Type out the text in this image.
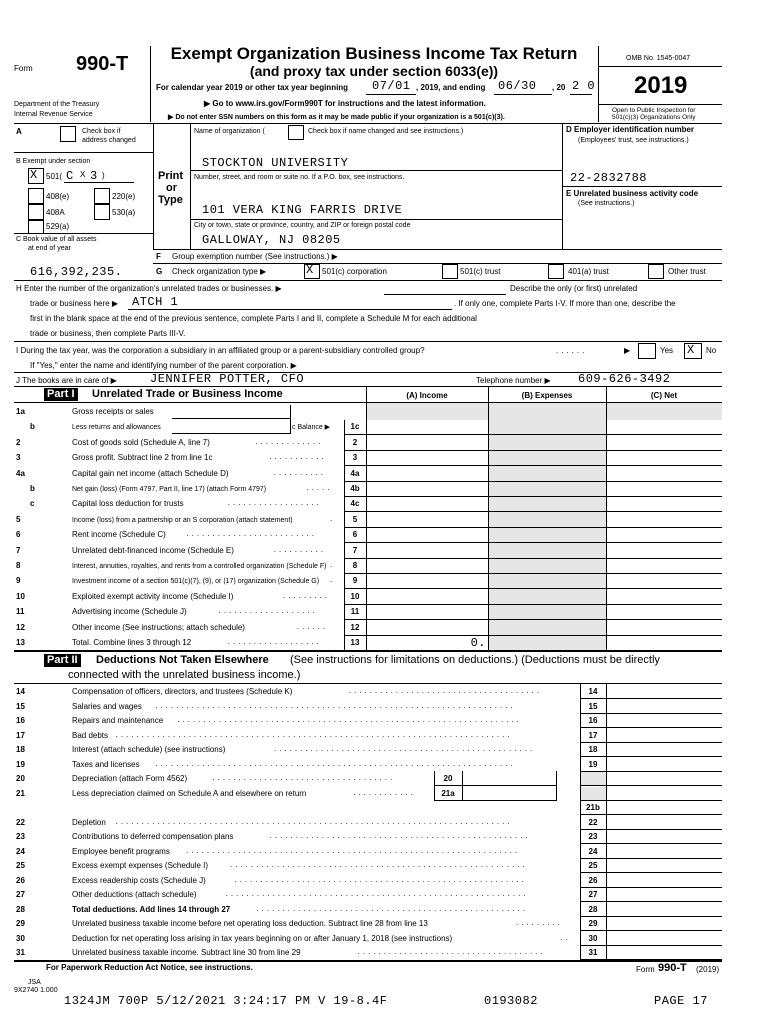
Form 990-T
Department of the Treasury
Internal Revenue Service
Exempt Organization Business Income Tax Return
(and proxy tax under section 6033(e))
For calendar year 2019 or other tax year beginning 07/01 , 2019, and ending 06/30 , 20 2 0
▶ Go to www.irs.gov/Form990T for instructions and the latest information.
▶ Do not enter SSN numbers on this form as it may be made public if your organization is a 501(c)(3).
OMB No. 1545-0047
2019
Open to Public Inspection for
501(c)(3) Organizations Only
A	Check box if
address changed
Name of organization (	Check box if name changed and see instructions.)
STOCKTON UNIVERSITY
D Employer identification number
(Employees' trust, see instructions.)
B Exempt under section
X 501( C X 3 )
408(e)	220(e)
408A	530(a)
529(a)
Print
or
Type
Number, street, and room or suite no. If a P.O. box, see instructions.
101 VERA KING FARRIS DRIVE
City or town, state or province, country, and ZIP or foreign postal code
GALLOWAY, NJ 08205
22-2832788
E Unrelated business activity code
(See instructions.)
C Book value of all assets
at end of year
F Group exemption number (See instructions.) ▶
616,392,235.	G Check organization type ▶	X 501(c) corporation	501(c) trust	401(a) trust	Other trust
H Enter the number of the organization's unrelated trades or businesses. ▶	Describe the only (or first) unrelated
trade or business here ▶ ATCH 1	. If only one, complete Parts I-V. If more than one, describe the
first in the blank space at the end of the previous sentence, complete Parts I and II, complete a Schedule M for each additional
trade or business, then complete Parts III-V.
I During the tax year, was the corporation a subsidiary in an affiliated group or a parent-subsidiary controlled group?	......	▶	Yes X No
If "Yes," enter the name and identifying number of the parent corporation. ▶
J The books are in care of ▶	JENNIFER POTTER, CFO	Telephone number ▶ 609-626-3492
Part I Unrelated Trade or Business Income	(A) Income	(B) Expenses	(C) Net
1a	Gross receipts or sales
b	Less returns and allowances	c Balance ▶	1c
2	Cost of goods sold (Schedule A, line 7)	.............	2
3	Gross profit. Subtract line 2 from line 1c	...........	3
4a	Capital gain net income (attach Schedule D)	..........	4a
b	Net gain (loss) (Form 4797, Part II, line 17) (attach Form 4797)	.....	4b
c	Capital loss deduction for trusts	..................	4c
5	Income (loss) from a partnership or an S corporation (attach statement)	.	5
6	Rent income (Schedule C)	.........................	6
7	Unrelated debt-financed income (Schedule E)	..........	7
8	Interest, annuities, royalties, and rents from a controlled organization (Schedule F) .	8
9	Investment income of a section 501(c)(7), (9), or (17) organization (Schedule G) .	9
10	Exploited exempt activity income (Schedule I)	.........	10
11	Advertising income (Schedule J)	...................	11
12	Other income (See instructions; attach schedule)	......	12
13	Total. Combine lines 3 through 12	..................	13	0.
Part II Deductions Not Taken Elsewhere (See instructions for limitations on deductions.) (Deductions must be directly
connected with the unrelated business income.)
14	Compensation of officers, directors, and trustees (Schedule K)	14
.....................................
15	Salaries and wages	15
.....................................................................
16	Repairs and maintenance	16
..................................................................
17	Bad debts	17
............................................................................
18	Interest (attach schedule) (see instructions)	18
..................................................
19	Taxes and licenses	19
.....................................................................
20	Depreciation (attach Form 4562)	20
...................................
21	Less depreciation claimed on Schedule A and elsewhere on return	21a
............
21b
22	Depletion	22
............................................................................
23	Contributions to deferred compensation plans	23
..................................................
24	Employee benefit programs	24
................................................................
25	Excess exempt expenses (Schedule I)	25
.........................................................
26	Excess readership costs (Schedule J)	26
........................................................
27	Other deductions (attach schedule)	27
..........................................................
28	Total deductions. Add lines 14 through 27	28
....................................................
29	Unrelated business taxable income before net operating loss deduction. Subtract line 28 from line 13	29
.........
30	Deduction for net operating loss arising in tax years beginning on or after January 1, 2018 (see instructions)	30
..
31	Unrelated business taxable income. Subtract line 30 from line 29	31
....................................
For Paperwork Reduction Act Notice, see instructions.	Form 990-T (2019)
JSA
9X2740 1.000
1324JM 700P 5/12/2021 3:24:17 PM V 19-8.4F	0193082	PAGE 17
